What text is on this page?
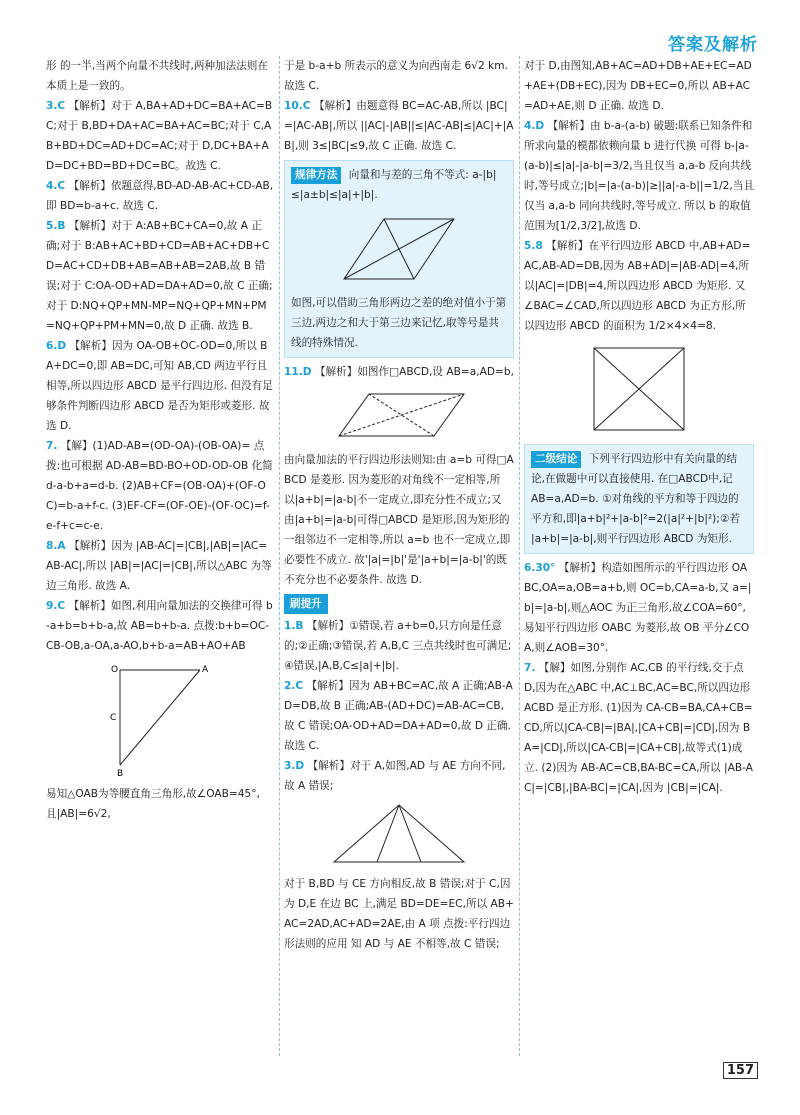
答案及解析

形 的一半,当两个向量不共线时,两种加法法则在本质上是一致的。

3.C 【解析】对于 A,BA+AD+DC=BA+AC=BC;对于 B,BD+DA+AC=BA+AC=BC;对于 C,AB+BD+DC=AD+DC=AC;对于 D,DC+BA+AD=DC+BD=BD+DC=BC。故选 C.

4.C 【解析】依题意得,BD-AD-AB-AC+CD-AB,即 BD=b-a+c. 故选 C.

5.B 【解析】对于 A:AB+BC+CA=0,故 A 正确;对于 B:AB+AC+BD+CD=AB+AC+DB+CD=AC+CD+DB+AB=AB+AB=2AB,故 B 错误;对于 C:OA-OD+AD=DA+AD=0,故 C 正确;对于 D:NQ+QP+MN-MP=NQ+QP+MN+PM=NQ+QP+PM+MN=0,故 D 正确. 故选 B.

6.D 【解析】因为 OA-OB+OC-OD=0,所以 BA+DC=0,即 AB=DC,可知 AB,CD 两边平行且相等,所以四边形 ABCD 是平行四边形. 但没有足够条件判断四边形 ABCD 是否为矩形或菱形. 故选 D.

7. 【解】(1)AD-AB=(OD-OA)-(OB-OA)= 点拨:也可根据 AD-AB=BD-BO+OD-OD-OB 化简 d-a-b+a=d-b. (2)AB+CF=(OB-OA)+(OF-OC)=b-a+f-c. (3)EF-CF=(OF-OE)-(OF-OC)=f-e-f+c=c-e.

8.A 【解析】因为 |AB-AC|=|CB|,|AB|=|AC=AB-AC|,所以 |AB|=|AC|=|CB|,所以△ABC 为等边三角形. 故选 A.

9.C 【解析】如图,利用向量加法的交换律可得 b-a+b=b+b-a,故 AB=b+b-a. 点拨:b+b=OC-CB-OB,a-OA,a-AO,b+b-a=AB+AO+AB

O	A
B
C

易知△OAB为等腰直角三角形,故∠OAB=45°,且|AB|=6√2,

于是 b-a+b 所表示的意义为向西南走 6√2 km. 故选 C.

10.C 【解析】由题意得 BC=AC-AB,所以 |BC|=|AC-AB|,所以 ||AC|-|AB||≤|AC-AB|≤|AC|+|AB|,则 3≤|BC|≤9,故 C 正确. 故选 C.

规律方法 向量和与差的三角不等式: a-|b|≤|a±b|≤|a|+|b|.
如图,可以借助三角形两边之差的绝对值小于第三边,两边之和大于第三边来记忆,取等号是共线的特殊情况.

11.D 【解析】如图作□ABCD,设 AB=a,AD=b,

由向量加法的平行四边形法则知:由 a=b 可得□ABCD 是菱形. 因为菱形的对角线不一定相等,所以|a+b|=|a-b|不一定成立,即充分性不成立;又由|a+b|=|a-b|可得□ABCD 是矩形,因为矩形的一组邻边不一定相等,所以 a=b 也不一定成立,即必要性不成立. 故'|a|=|b|'是'|a+b|=|a-b|'的既不充分也不必要条件. 故选 D.

刷提升

1.B 【解析】①错误,若 a+b=0,只方向是任意的;②正确;③错误,若 A,B,C 三点共线时也可满足;④错误,|A,B,C≤|a|+|b|.

2.C 【解析】因为 AB+BC=AC,故 A 正确;AB-AD=DB,故 B 正确;AB-(AD+DC)=AB-AC=CB,故 C 错误;OA-OD+AD=DA+AD=0,故 D 正确. 故选 C.

3.D 【解析】对于 A,如图,AD 与 AE 方向不同,故 A 错误;

对于 B,BD 与 CE 方向相反,故 B 错误;对于 C,因为 D,E 在边 BC 上,满足 BD=DE=EC,所以 AB+AC=2AD,AC+AD=2AE,由 A 项 点拨:平行四边形法则的应用 知 AD 与 AE 不相等,故 C 错误;

对于 D,由图知,AB+AC=AD+DB+AE+EC=AD+AE+(DB+EC),因为 DB+EC=0,所以 AB+AC=AD+AE,则 D 正确. 故选 D.

4.D 【解析】由 b-a-(a-b) 破题:联系已知条件和所求向量的模都依赖向量 b 进行代换 可得 b-|a-(a-b)|≤|a|-|a-b|=3/2,当且仅当 a,a-b 反向共线时,等号成立;|b|=|a-(a-b)|≥||a|-a-b||=1/2,当且仅当 a,a-b 同向共线时,等号成立. 所以 b 的取值范围为[1/2,3/2],故选 D.

5.8 【解析】在平行四边形 ABCD 中,AB+AD=AC,AB-AD=DB,因为 AB+AD|=|AB-AD|=4,所以|AC|=|DB|=4,所以四边形 ABCD 为矩形. 又∠BAC=∠CAD,所以四边形 ABCD 为正方形,所以四边形 ABCD 的面积为 1/2×4×4=8.

二级结论 下列平行四边形中有关向量的结论,在做题中可以直接使用. 在□ABCD中,记 AB=a,AD=b. ①对角线的平方和等于四边的平方和,即|a+b|²+|a-b|²=2(|a|²+|b|²);②若 |a+b|=|a-b|,则平行四边形 ABCD 为矩形.

6.30° 【解析】构造如图所示的平行四边形 OABC,OA=a,OB=a+b,则 OC=b,CA=a-b,又 a=|b|=|a-b|,则△AOC 为正三角形,故∠COA=60°,易知平行四边形 OABC 为菱形,故 OB 平分∠COA,则∠AOB=30°.

7. 【解】如图,分别作 AC,CB 的平行线,交于点 D,因为在△ABC 中,AC⊥BC,AC=BC,所以四边形 ACBD 是正方形. (1)因为 CA-CB=BA,CA+CB=CD,所以|CA-CB|=|BA|,|CA+CB|=|CD|,因为 BA=|CD|,所以|CA-CB|=|CA+CB|,故等式(1)成立. (2)因为 AB-AC=CB,BA-BC=CA,所以 |AB-AC|=|CB|,|BA-BC|=|CA|,因为 |CB|=|CA|.

157
